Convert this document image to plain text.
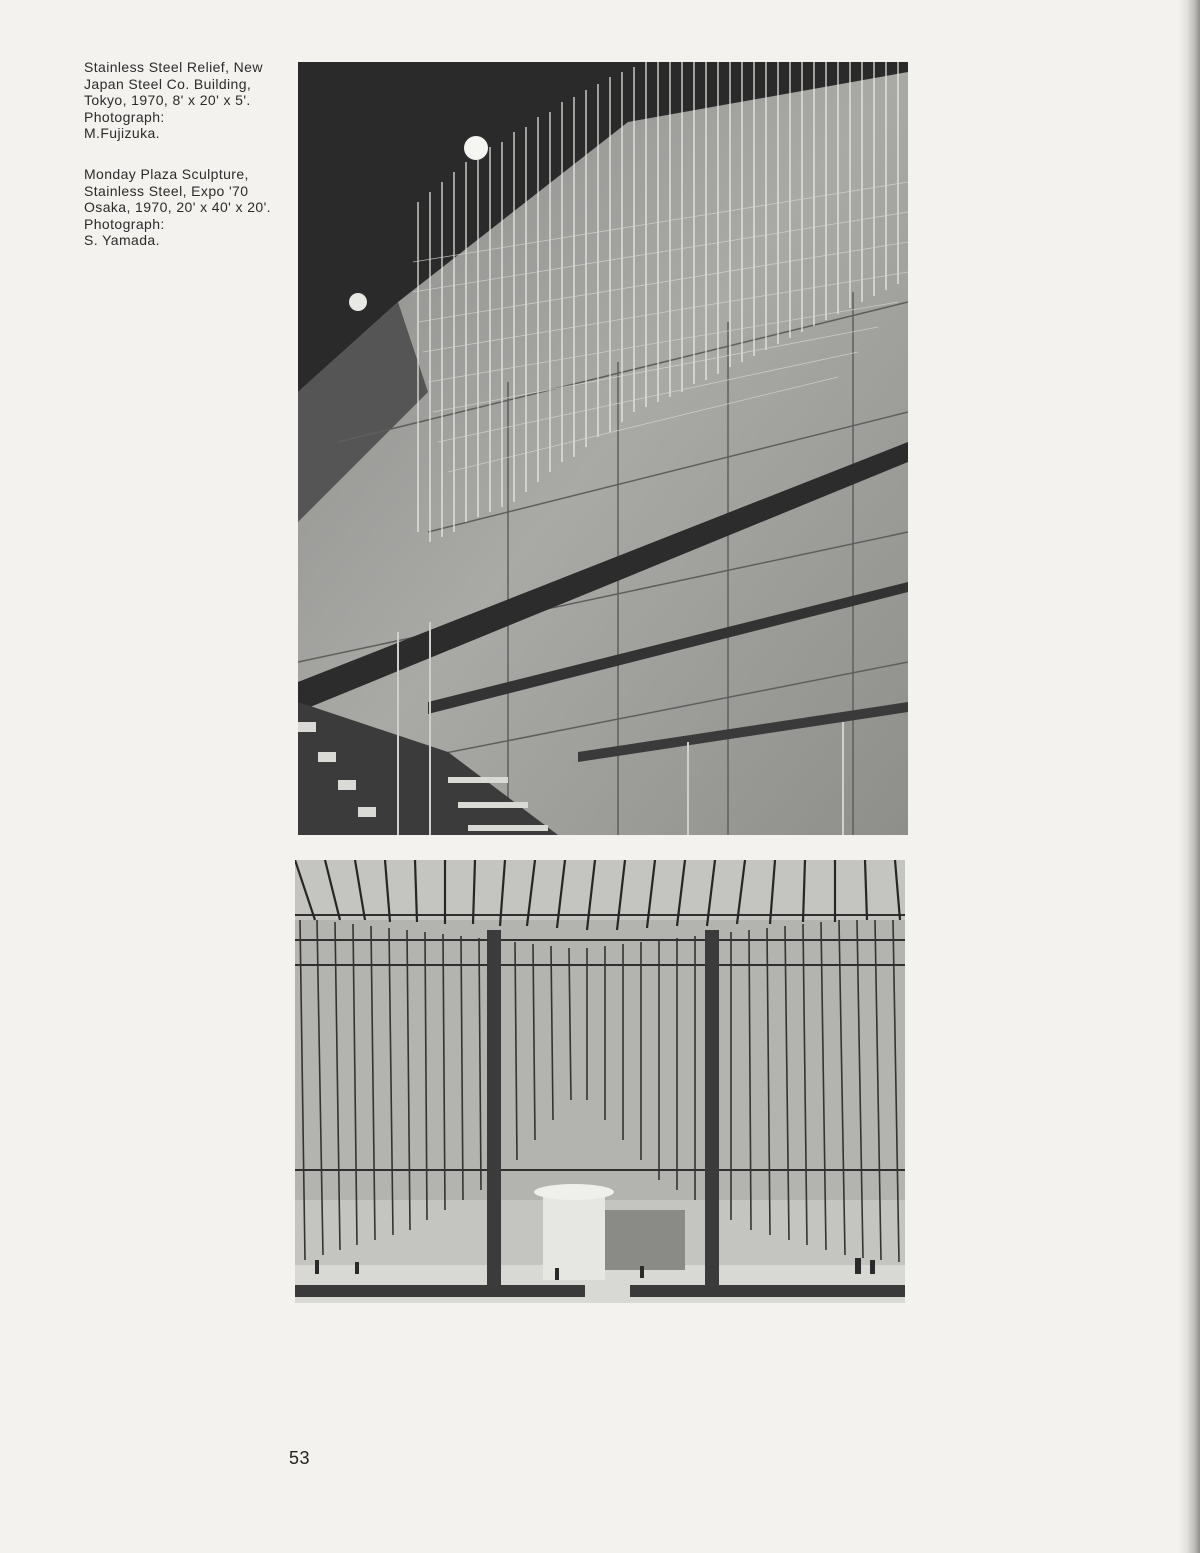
Stainless Steel Relief, New

Japan Steel Co. Building,

Tokyo, 1970, 8' x 20' x 5'.

Photograph:

M.Fujizuka.

Monday Plaza Sculpture,

Stainless Steel, Expo '70

Osaka, 1970, 20' x 40' x 20'.

Photograph:

S. Yamada.

53
